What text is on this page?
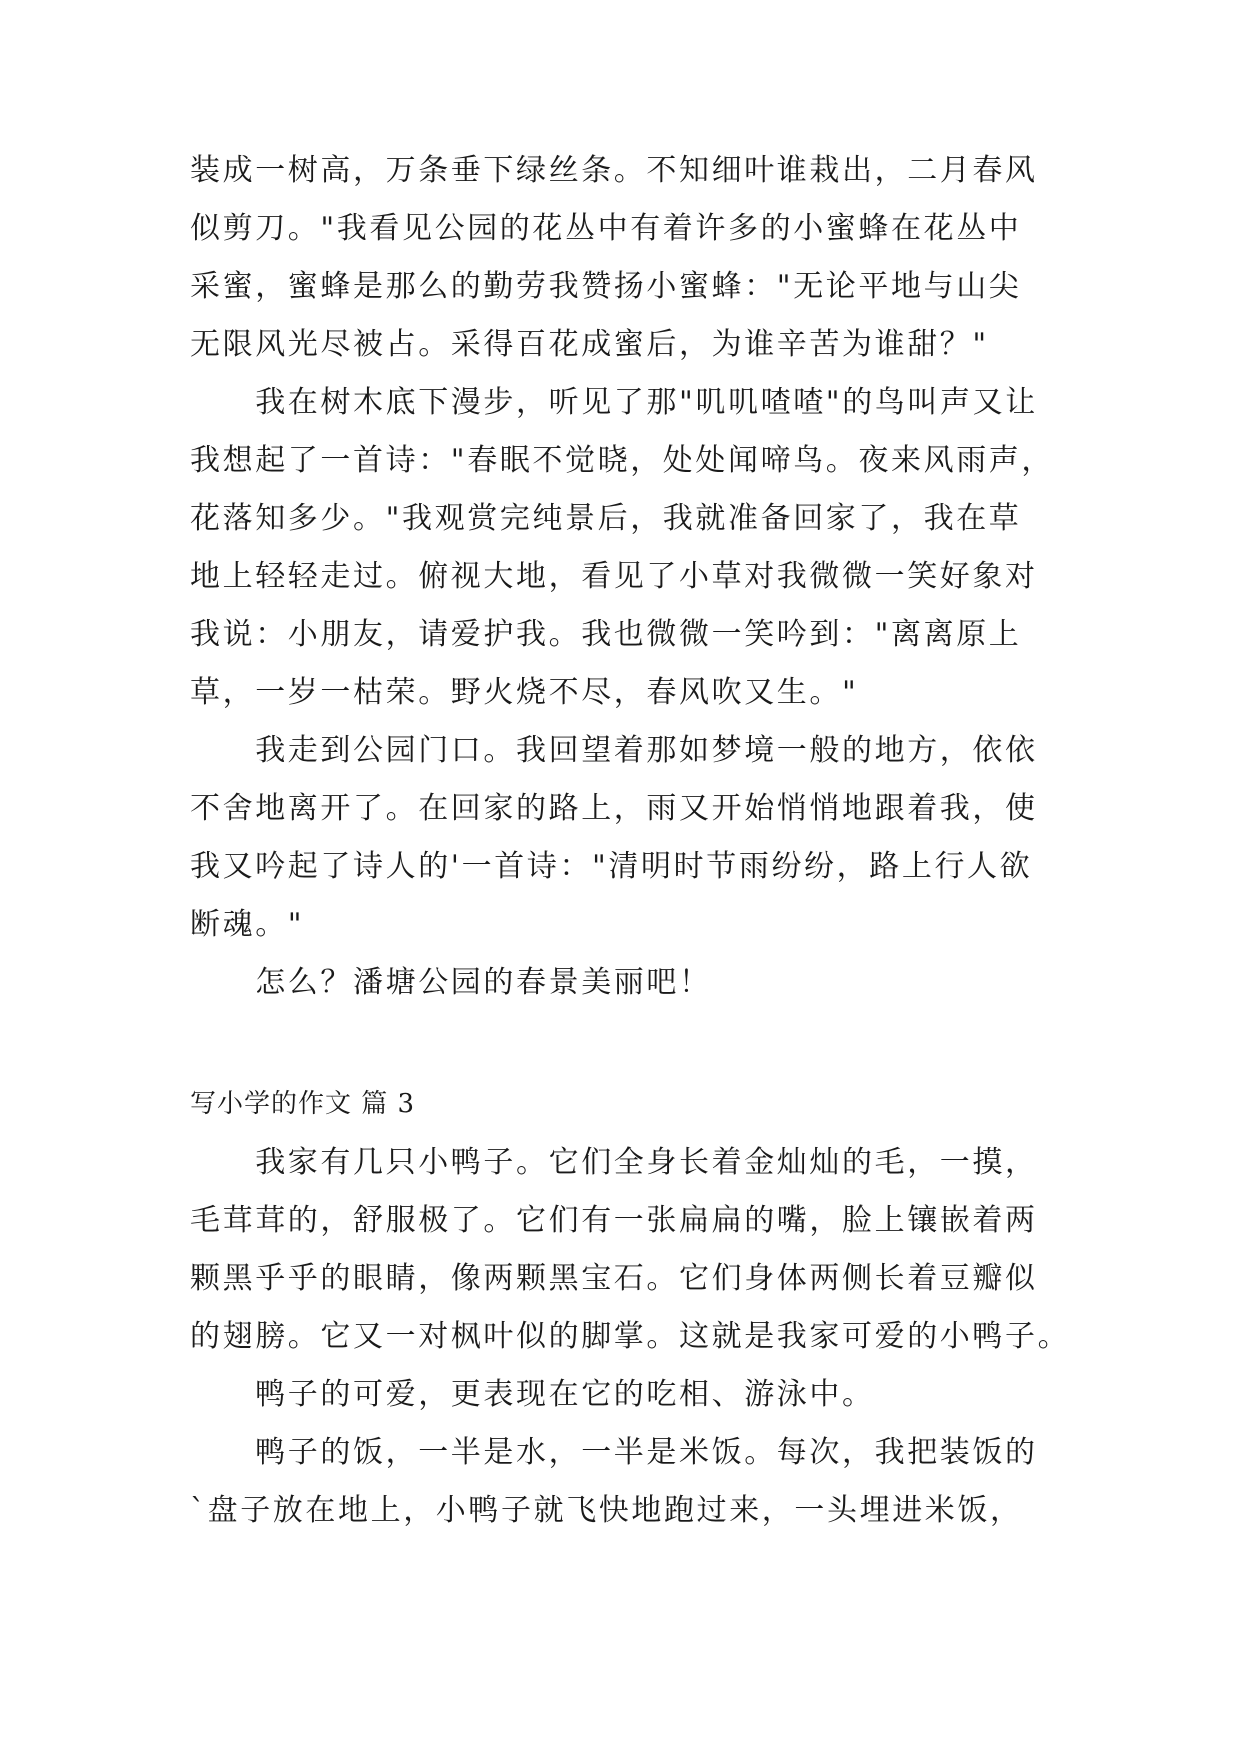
装成一树高，万条垂下绿丝条。不知细叶谁栽出，二月春风
似剪刀。"我看见公园的花丛中有着许多的小蜜蜂在花丛中
采蜜，蜜蜂是那么的勤劳我赞扬小蜜蜂："无论平地与山尖
无限风光尽被占。采得百花成蜜后，为谁辛苦为谁甜？"
　　我在树木底下漫步，听见了那"叽叽喳喳"的鸟叫声又让
我想起了一首诗："春眠不觉晓，处处闻啼鸟。夜来风雨声，
花落知多少。"我观赏完纯景后，我就准备回家了，我在草
地上轻轻走过。俯视大地，看见了小草对我微微一笑好象对
我说：小朋友，请爱护我。我也微微一笑吟到："离离原上
草，一岁一枯荣。野火烧不尽，春风吹又生。"
　　我走到公园门口。我回望着那如梦境一般的地方，依依
不舍地离开了。在回家的路上，雨又开始悄悄地跟着我，使
我又吟起了诗人的'一首诗："清明时节雨纷纷，路上行人欲
断魂。"
　　怎么？潘塘公园的春景美丽吧！
写小学的作文 篇 3
　　我家有几只小鸭子。它们全身长着金灿灿的毛，一摸，
毛茸茸的，舒服极了。它们有一张扁扁的嘴，脸上镶嵌着两
颗黑乎乎的眼睛，像两颗黑宝石。它们身体两侧长着豆瓣似
的翅膀。它又一对枫叶似的脚掌。这就是我家可爱的小鸭子。
　　鸭子的可爱，更表现在它的吃相、游泳中。
　　鸭子的饭，一半是水，一半是米饭。每次，我把装饭的
`盘子放在地上，小鸭子就飞快地跑过来，一头埋进米饭，
